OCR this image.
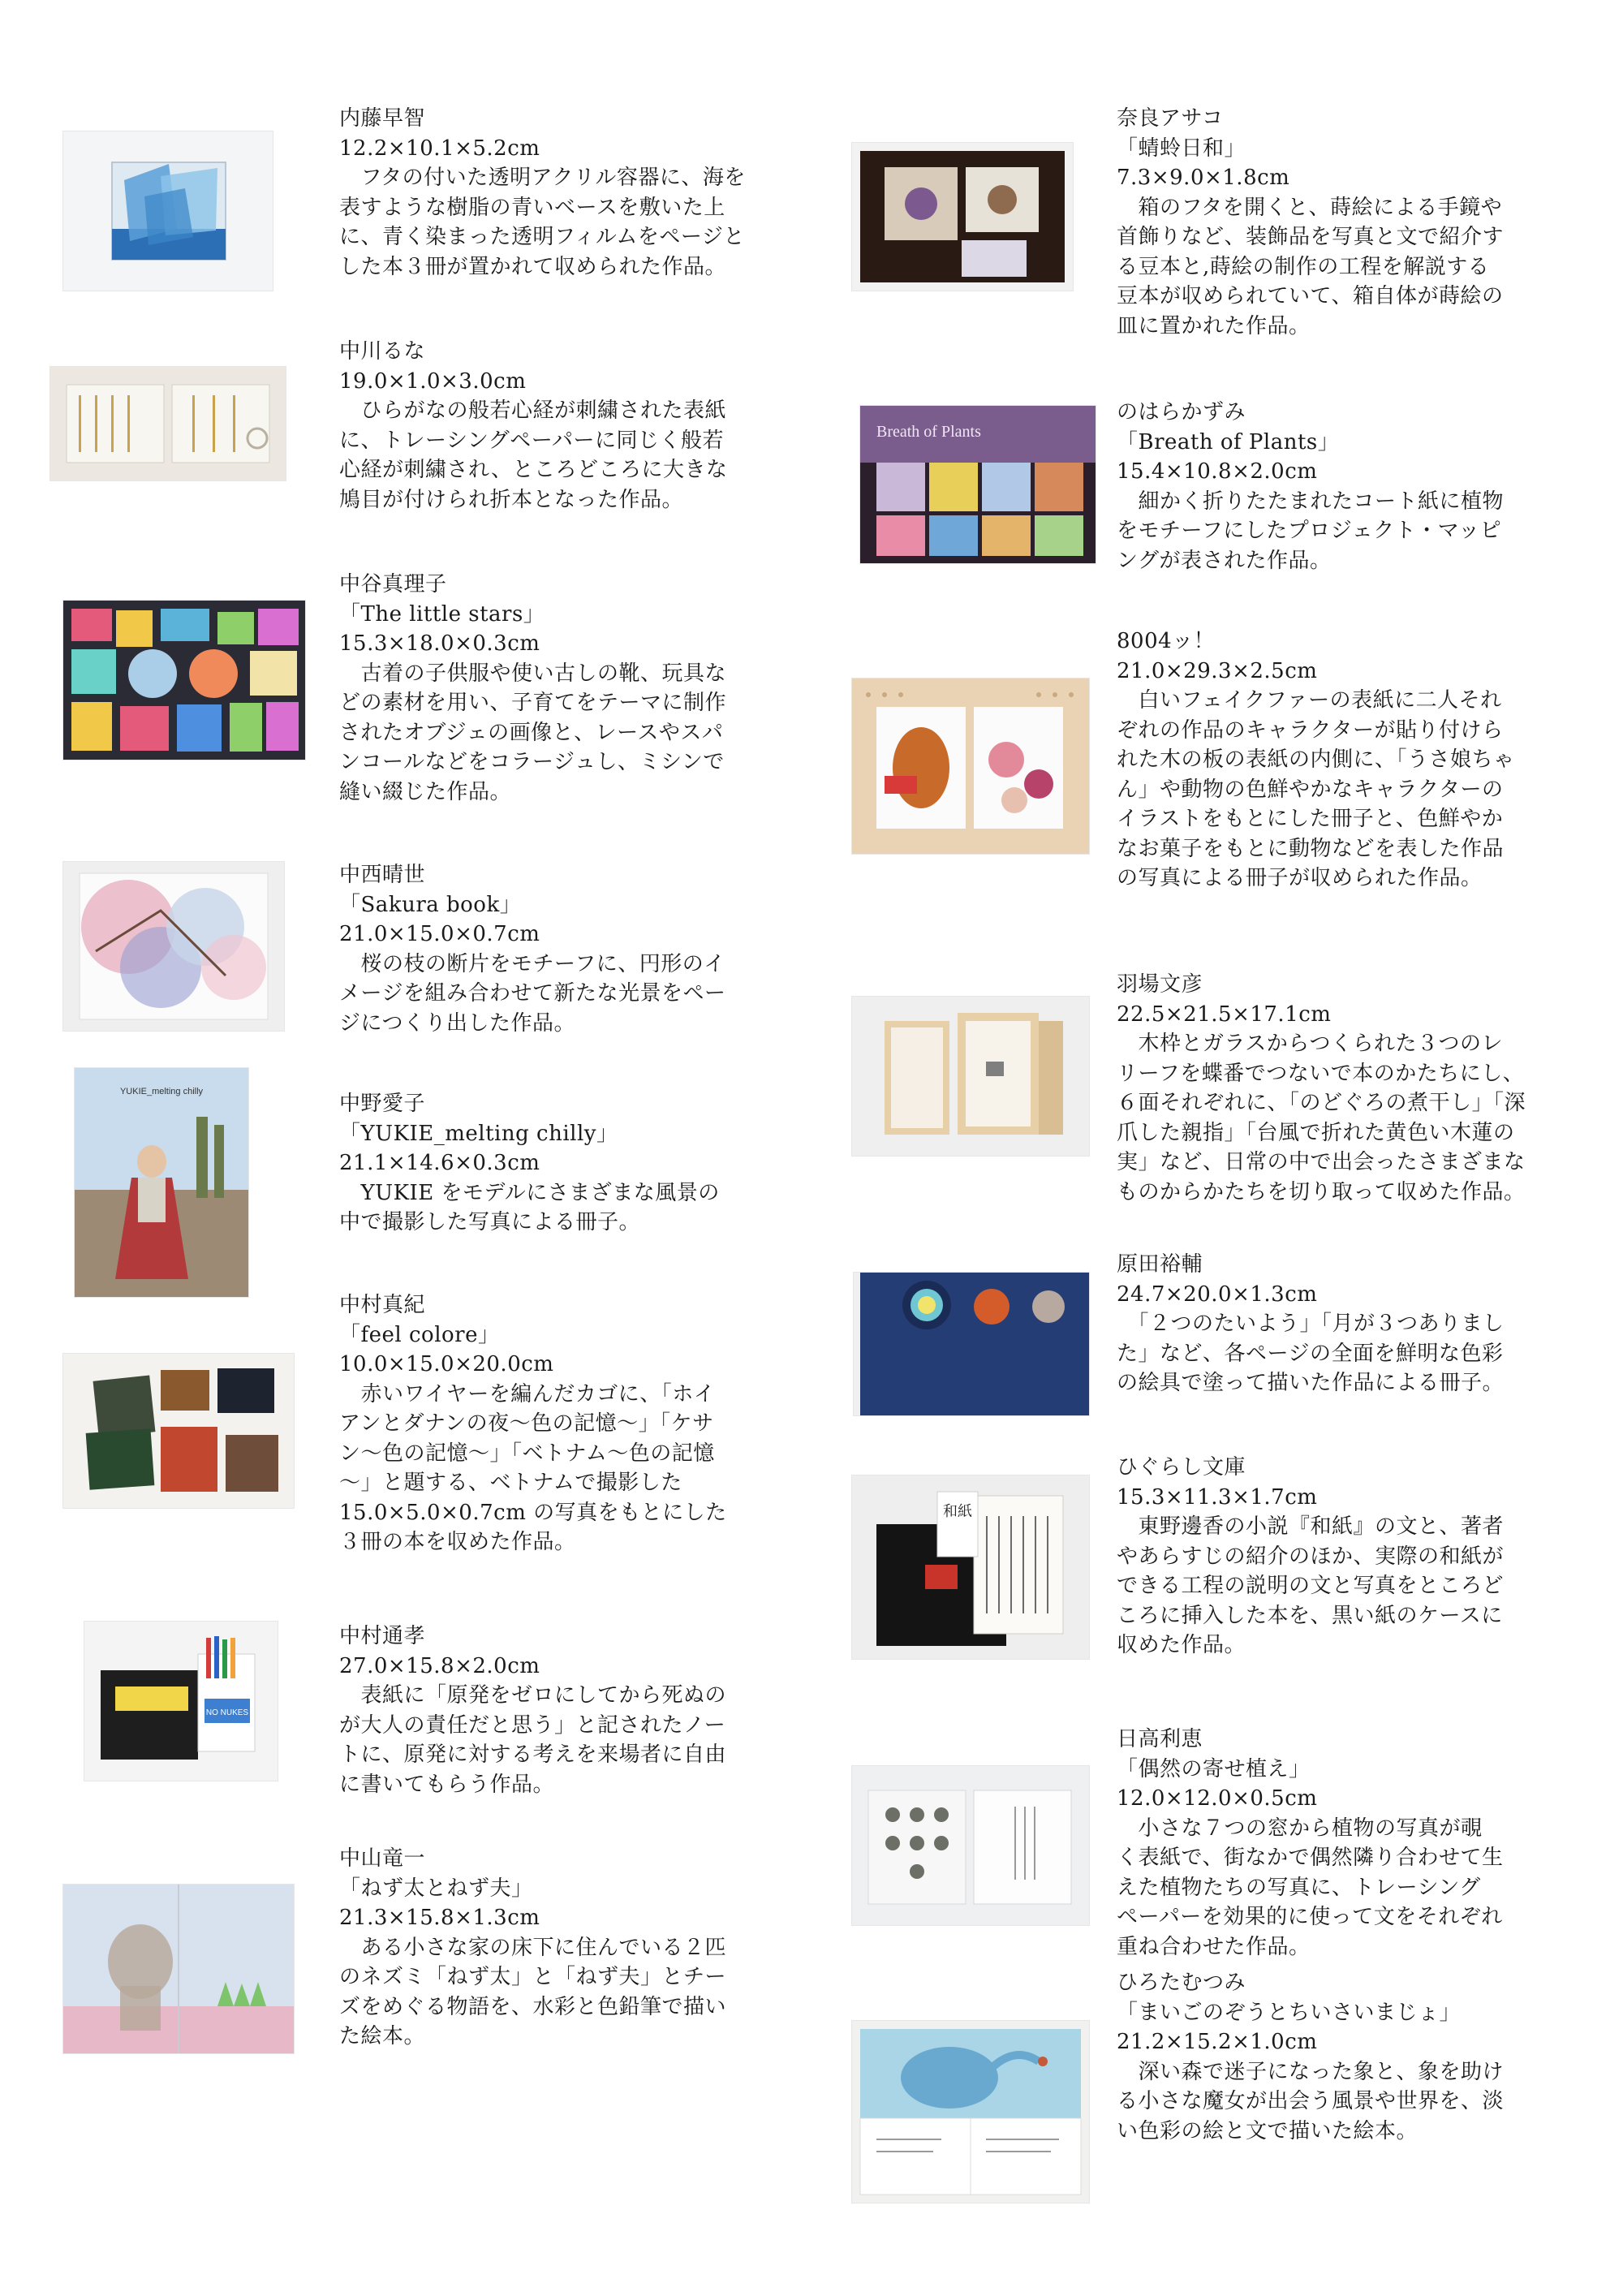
内藤早智
12.2×10.1×5.2cm
　フタの付いた透明アクリル容器に、海を
表すような樹脂の青いベースを敷いた上
に、青く染まった透明フィルムをページと
した本３冊が置かれて収められた作品。
中川るな
19.0×1.0×3.0cm
　ひらがなの般若心経が刺繍された表紙
に、トレーシングペーパーに同じく般若
心経が刺繍され、ところどころに大きな
鳩目が付けられ折本となった作品。
中谷真理子
「The little stars」
15.3×18.0×0.3cm
　古着の子供服や使い古しの靴、玩具な
どの素材を用い、子育てをテーマに制作
されたオブジェの画像と、レースやスパ
ンコールなどをコラージュし、ミシンで
縫い綴じた作品。
中西晴世
「Sakura book」
21.0×15.0×0.7cm
　桜の枝の断片をモチーフに、円形のイ
メージを組み合わせて新たな光景をペー
ジにつくり出した作品。
YUKIE_melting chilly	中野愛子
「YUKIE_melting chilly」
21.1×14.6×0.3cm
　YUKIE をモデルにさまざまな風景の
中で撮影した写真による冊子。
中村真紀
「feel colore」
10.0×15.0×20.0cm
　赤いワイヤーを編んだカゴに、「ホイ
アンとダナンの夜～色の記憶～」「ケサ
ン～色の記憶～」「ベトナム～色の記憶
～」と題する、ベトナムで撮影した
15.0×5.0×0.7cm の写真をもとにした
３冊の本を収めた作品。
NO NUKES
中村通孝
27.0×15.8×2.0cm
　表紙に「原発をゼロにしてから死ぬの
が大人の責任だと思う」と記されたノー
トに、原発に対する考えを来場者に自由
に書いてもらう作品。
中山竜一
「ねず太とねず夫」
21.3×15.8×1.3cm
　ある小さな家の床下に住んでいる２匹
のネズミ「ねず太」と「ねず夫」とチー
ズをめぐる物語を、水彩と色鉛筆で描い
た絵本。
奈良アサコ
「蜻蛉日和」
7.3×9.0×1.8cm
　箱のフタを開くと、蒔絵による手鏡や
首飾りなど、装飾品を写真と文で紹介す
る豆本と,蒔絵の制作の工程を解説する
豆本が収められていて、箱自体が蒔絵の
皿に置かれた作品。
Breath of Plants
のはらかずみ
「Breath of Plants」
15.4×10.8×2.0cm
　細かく折りたたまれたコート紙に植物
をモチーフにしたプロジェクト・マッピ
ングが表された作品。
8004ッ！
21.0×29.3×2.5cm
　白いフェイクファーの表紙に二人それ
ぞれの作品のキャラクターが貼り付けら
れた木の板の表紙の内側に、「うさ娘ちゃ
ん」や動物の色鮮やかなキャラクターの
イラストをもとにした冊子と、色鮮やか
なお菓子をもとに動物などを表した作品
の写真による冊子が収められた作品。
羽場文彦
22.5×21.5×17.1cm
　木枠とガラスからつくられた３つのレ
リーフを蝶番でつないで本のかたちにし、
６面それぞれに、「のどぐろの煮干し」「深
爪した親指」「台風で折れた黄色い木蓮の
実」など、日常の中で出会ったさまざまな
ものからかたちを切り取って収めた作品。
原田裕輔
24.7×20.0×1.3cm
　「２つのたいよう」「月が３つありまし
た」など、各ページの全面を鮮明な色彩
の絵具で塗って描いた作品による冊子。
和紙
ひぐらし文庫
15.3×11.3×1.7cm
　東野邊香の小説『和紙』の文と、著者
やあらすじの紹介のほか、実際の和紙が
できる工程の説明の文と写真をところど
ころに挿入した本を、黒い紙のケースに
収めた作品。
日高利恵
「偶然の寄せ植え」
12.0×12.0×0.5cm
　小さな７つの窓から植物の写真が覗
く表紙で、街なかで偶然隣り合わせて生
えた植物たちの写真に、トレーシング
ペーパーを効果的に使って文をそれぞれ
重ね合わせた作品。
ひろたむつみ
「まいごのぞうとちいさいまじょ」
21.2×15.2×1.0cm
　深い森で迷子になった象と、象を助け
る小さな魔女が出会う風景や世界を、淡
い色彩の絵と文で描いた絵本。
